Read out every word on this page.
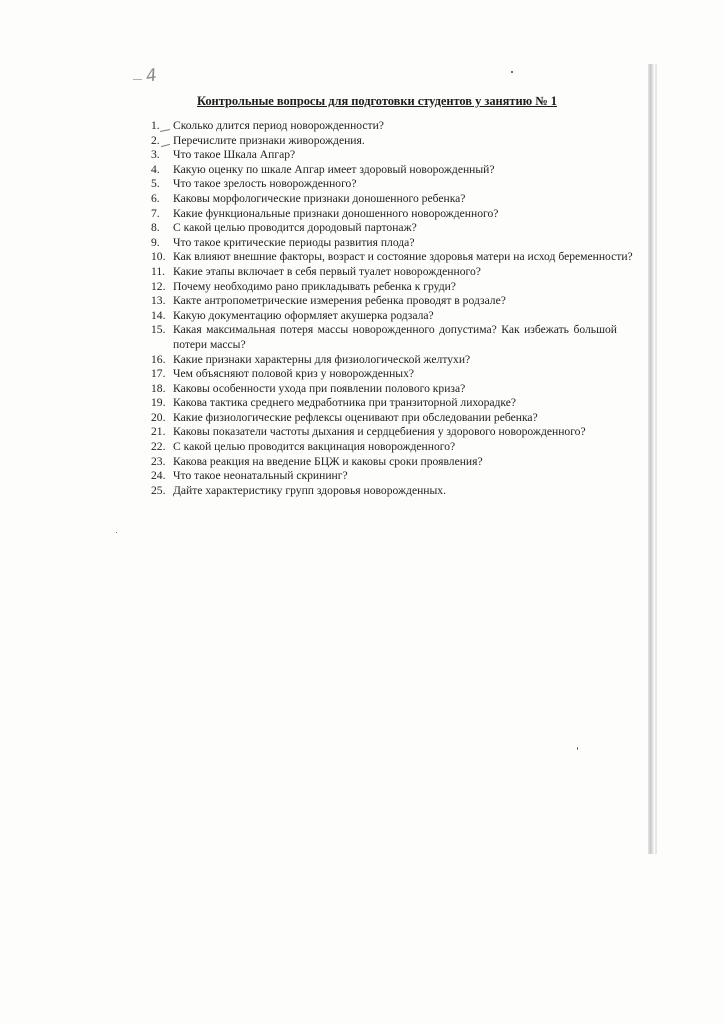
4
Контрольные вопросы для подготовки студентов у занятию № 1
1.	Сколько длится период новорожденности?
2.	Перечислите признаки живорождения.
3.	Что такое Шкала Апгар?
4.	Какую оценку по шкале Апгар имеет здоровый новорожденный?
5.	Что такое зрелость новорожденного?
6.	Каковы морфологические признаки доношенного ребенка?
7.	Какие функциональные признаки доношенного новорожденного?
8.	С какой целью проводится дородовый партонаж?
9.	Что такое критические периоды развития плода?
10. Как влияют внешние факторы, возраст и состояние здоровья матери на исход беременности?
11. Какие этапы включает в себя первый туалет новорожденного?
12. Почему необходимо рано прикладывать ребенка к груди?
13. Какте антропометрические измерения ребенка проводят в родзале?
14. Какую документацию оформляет акушерка родзала?
15. Какая максимальная потеря массы новорожденного допустима? Как избежать большой потери массы?
16. Какие признаки характерны для физиологической желтухи?
17. Чем объясняют половой криз у новорожденных?
18. Каковы особенности ухода при появлении полового криза?
19. Какова тактика среднего медработника при транзиторной лихорадке?
20. Какие физиологические рефлексы оценивают при обследовании ребенка?
21. Каковы показатели частоты дыхания и сердцебиения у здорового новорожденного?
22. С какой целью проводится вакцинация новорожденного?
23. Какова реакция на введение БЦЖ и каковы сроки проявления?
24. Что такое неонатальный скрининг?
25. Дайте характеристику групп здоровья новорожденных.
